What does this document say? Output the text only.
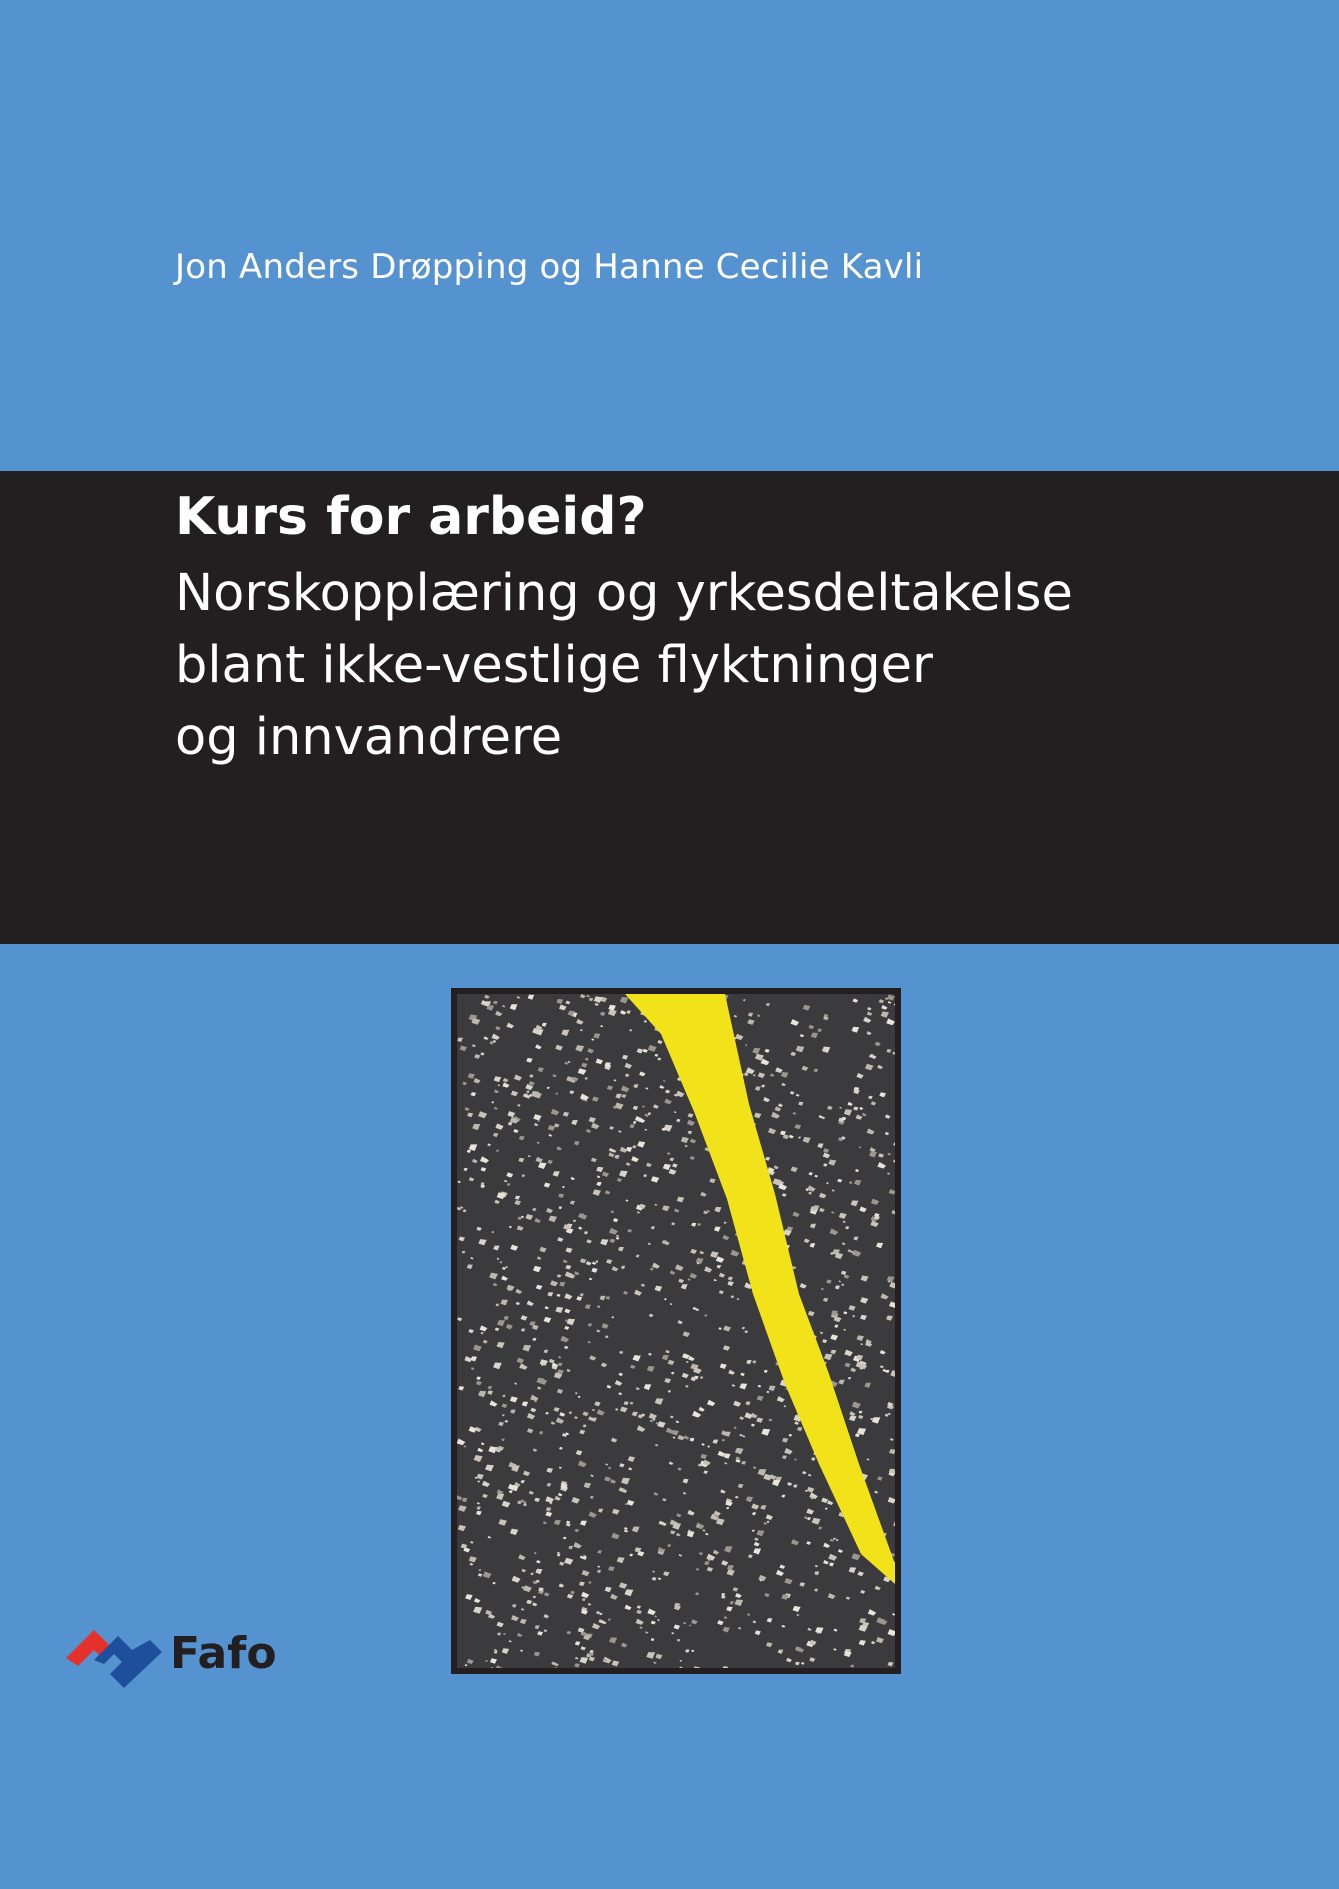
Jon Anders Drøpping og Hanne Cecilie Kavli
Kurs for arbeid?
Norskopplæring og yrkesdeltakelse
blant ikke-vestlige flyktninger
og innvandrere
Fafo
